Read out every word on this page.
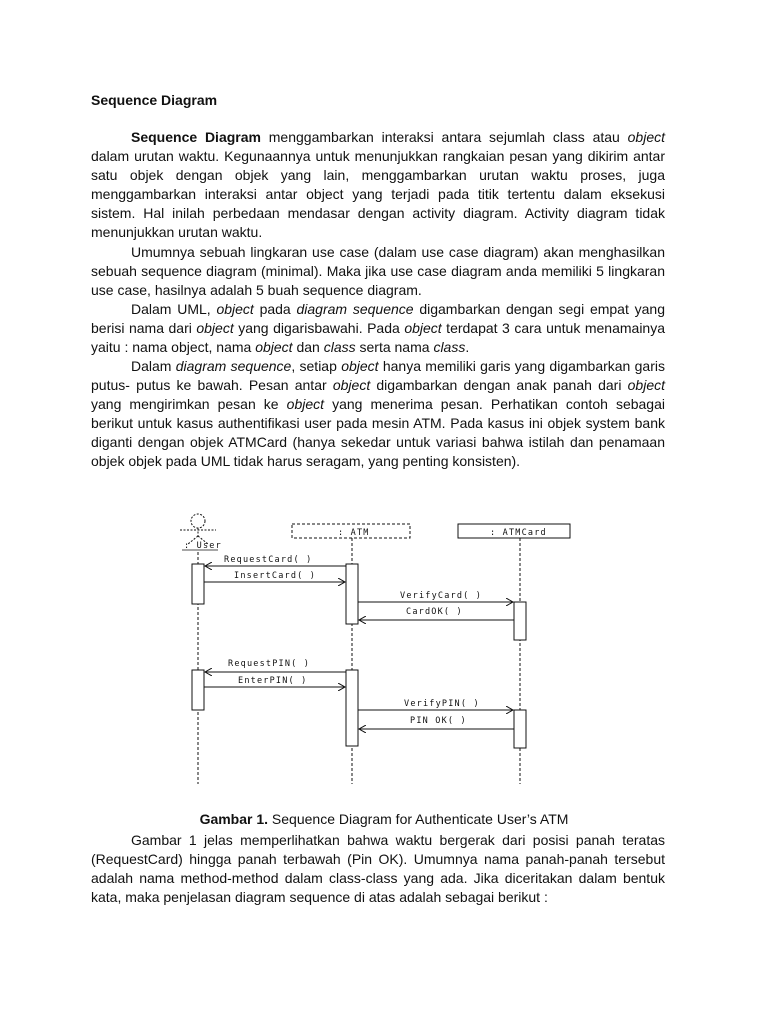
Sequence Diagram

Sequence Diagram menggambarkan interaksi antara sejumlah class atau object dalam urutan waktu. Kegunaannya untuk menunjukkan rangkaian pesan yang dikirim antar satu objek dengan objek yang lain, menggambarkan urutan waktu proses, juga menggambarkan interaksi antar object yang terjadi pada titik tertentu dalam eksekusi sistem. Hal inilah perbedaan mendasar dengan activity diagram. Activity diagram tidak menunjukkan urutan waktu.

Umumnya sebuah lingkaran use case (dalam use case diagram) akan menghasilkan sebuah sequence diagram (minimal). Maka jika use case diagram anda memiliki 5 lingkaran use case, hasilnya adalah 5 buah sequence diagram.

Dalam UML, object pada diagram sequence digambarkan dengan segi empat yang berisi nama dari object yang digarisbawahi. Pada object terdapat 3 cara untuk menamainya yaitu : nama object, nama object dan class serta nama class.

Dalam diagram sequence, setiap object hanya memiliki garis yang digambarkan garis putus- putus ke bawah. Pesan antar object digambarkan dengan anak panah dari object yang mengirimkan pesan ke object yang menerima pesan. Perhatikan contoh sebagai berikut untuk kasus authentifikasi user pada mesin ATM. Pada kasus ini objek system bank diganti dengan objek ATMCard (hanya sekedar untuk variasi bahwa istilah dan penamaan objek objek pada UML tidak harus seragam, yang penting konsisten).

: User
: ATM	: ATMCard
RequestCard( )
InsertCard( )
VerifyCard( )
CardOK( )
RequestPIN( )
EnterPIN( )
VerifyPIN( )
PIN OK( )

Gambar 1. Sequence Diagram for Authenticate User’s ATM

Gambar 1 jelas memperlihatkan bahwa waktu bergerak dari posisi panah teratas (RequestCard) hingga panah terbawah (Pin OK). Umumnya nama panah-panah tersebut adalah nama method-method dalam class-class yang ada. Jika diceritakan dalam bentuk kata, maka penjelasan diagram sequence di atas adalah sebagai berikut :
